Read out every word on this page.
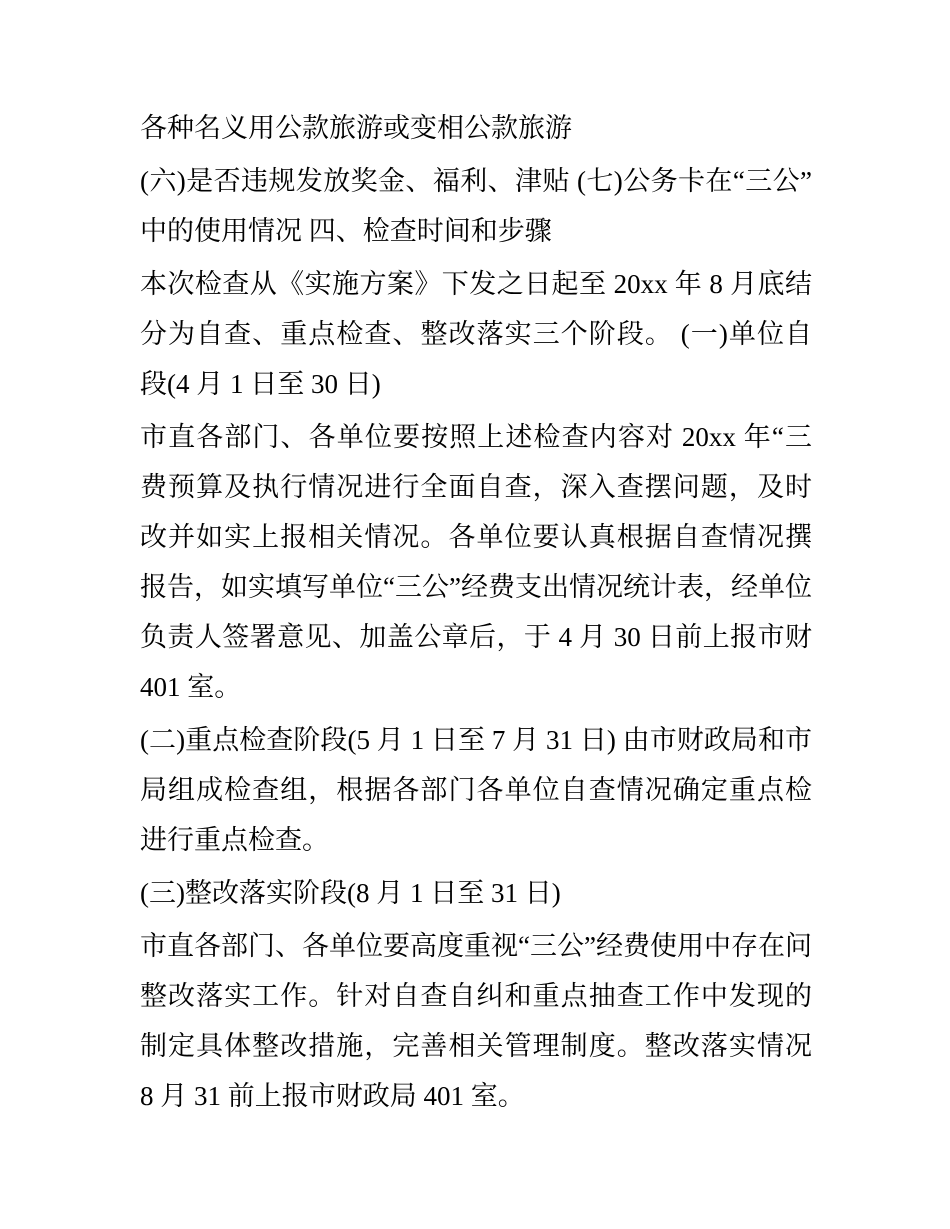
各种名义用公款旅游或变相公款旅游
(六)是否违规发放奖金、福利、津贴 (七)公务卡在“三公”
中的使用情况 四、检查时间和步骤
本次检查从《实施方案》下发之日起至 20xx 年 8 月底结
分为自查、重点检查、整改落实三个阶段。 (一)单位自
段(4 月 1 日至 30 日)
市直各部门、各单位要按照上述检查内容对 20xx 年“三
费预算及执行情况进行全面自查，深入查摆问题，及时
改并如实上报相关情况。各单位要认真根据自查情况撰
报告，如实填写单位“三公”经费支出情况统计表，经单位
负责人签署意见、加盖公章后，于 4 月 30 日前上报市财
401 室。
(二)重点检查阶段(5 月 1 日至 7 月 31 日) 由市财政局和市
局组成检查组，根据各部门各单位自查情况确定重点检
进行重点检查。
(三)整改落实阶段(8 月 1 日至 31 日)
市直各部门、各单位要高度重视“三公”经费使用中存在问
整改落实工作。针对自查自纠和重点抽查工作中发现的
制定具体整改措施，完善相关管理制度。整改落实情况
8 月 31 前上报市财政局 401 室。
